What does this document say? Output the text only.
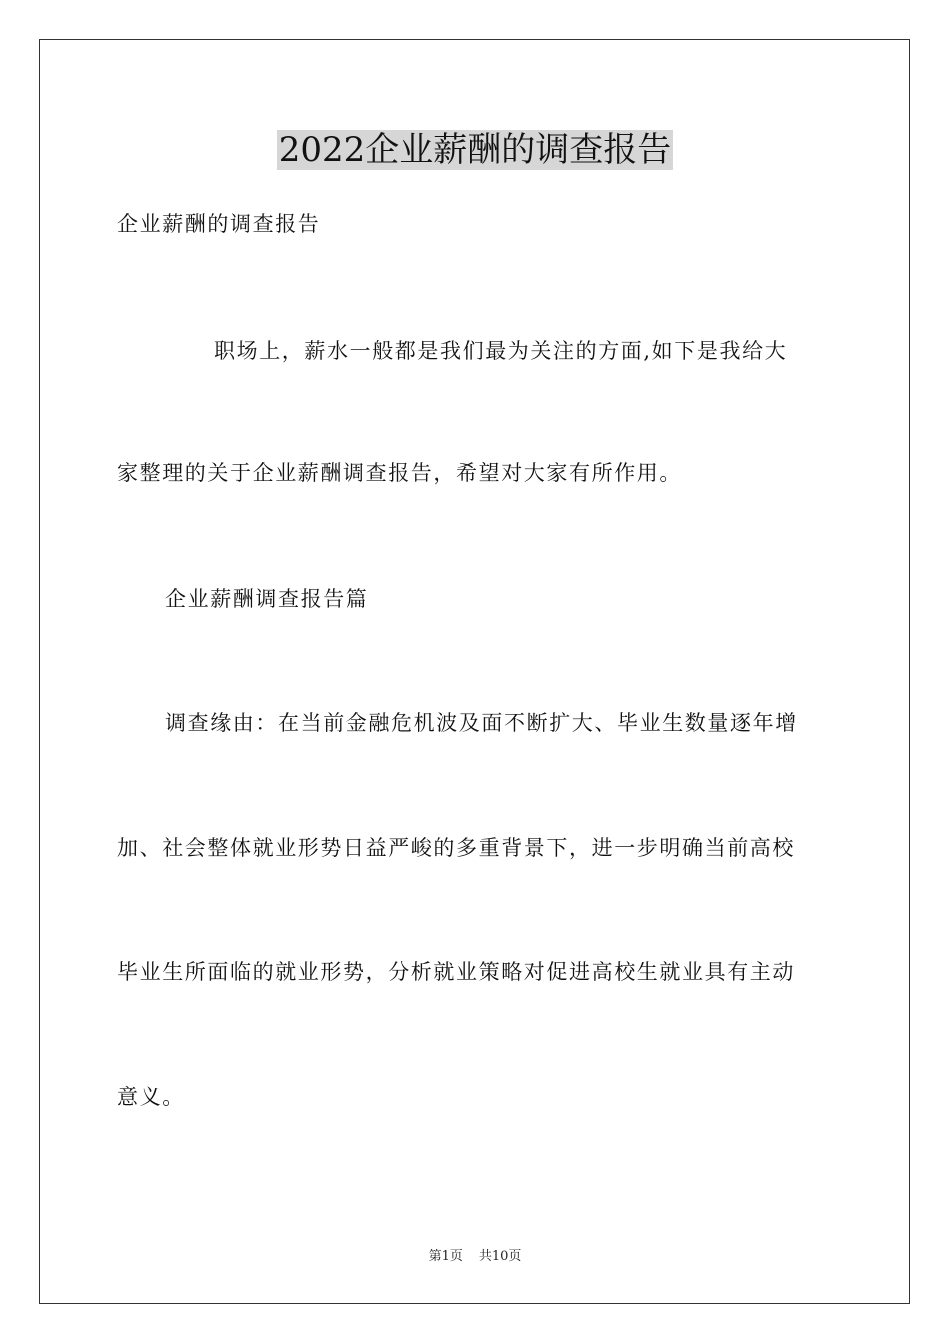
2022企业薪酬的调查报告
企业薪酬的调查报告
职场上，薪水一般都是我们最为关注的方面,如下是我给大
家整理的关于企业薪酬调查报告，希望对大家有所作用。
企业薪酬调查报告篇
调查缘由：在当前金融危机波及面不断扩大、毕业生数量逐年增
加、社会整体就业形势日益严峻的多重背景下，进一步明确当前高校
毕业生所面临的就业形势，分析就业策略对促进高校生就业具有主动
意义。
第1页 共10页
